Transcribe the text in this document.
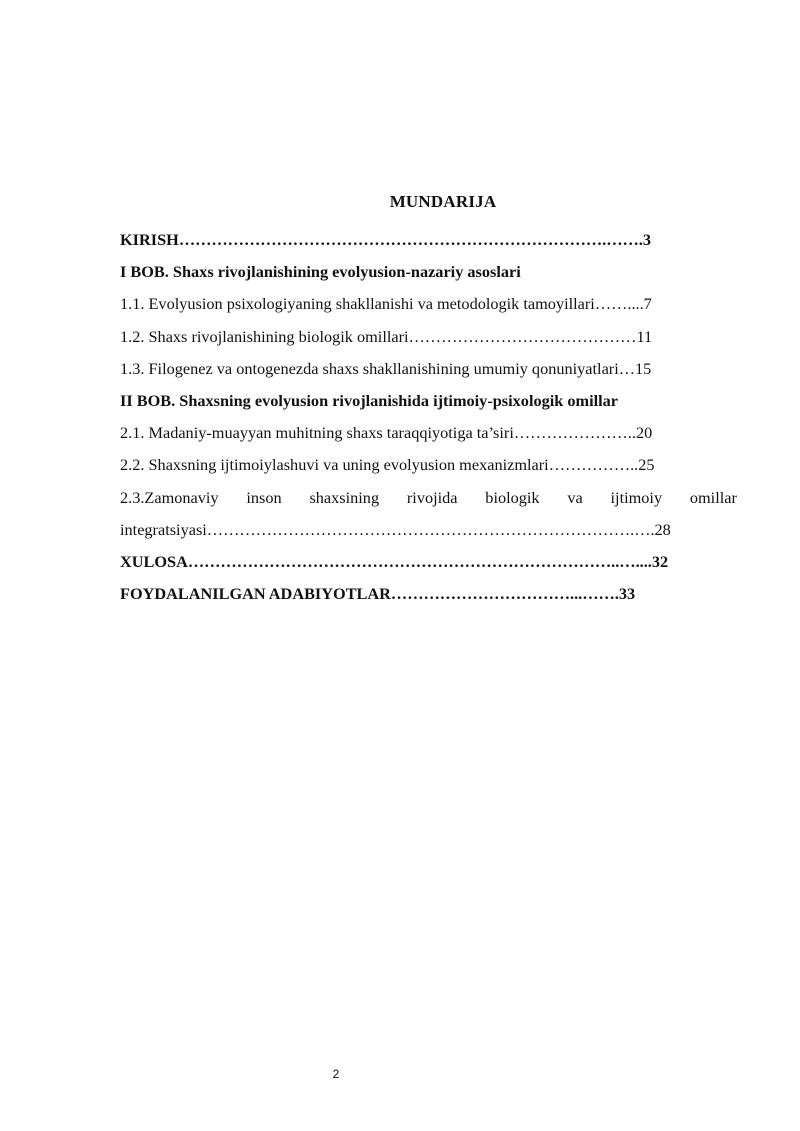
MUNDARIJA
KIRISH…………………………………………………………………….…….3
I BOB. Shaxs rivojlanishining evolyusion-nazariy asoslari
1.1. Evolyusion psixologiyaning shakllanishi va metodologik tamoyillari……....7
1.2. Shaxs rivojlanishining biologik omillari……………………………………11
1.3. Filogenez va ontogenezda shaxs shakllanishining umumiy qonuniyatlari…15
II BOB. Shaxsning evolyusion rivojlanishida ijtimoiy-psixologik omillar
2.1. Madaniy-muayyan muhitning shaxs taraqqiyotiga ta’siri…………………..20
2.2. Shaxsning ijtimoiylashuvi va uning evolyusion mexanizmlari……………..25
2.3.Zamonaviy inson shaxsining rivojida biologik va ijtimoiy omillar
integratsiyasi…………………………………………………………………….….28
XULOSA……………………………………………………………………..…....32
FOYDALANILGAN ADABIYOTLAR……………………………...…….33
2
